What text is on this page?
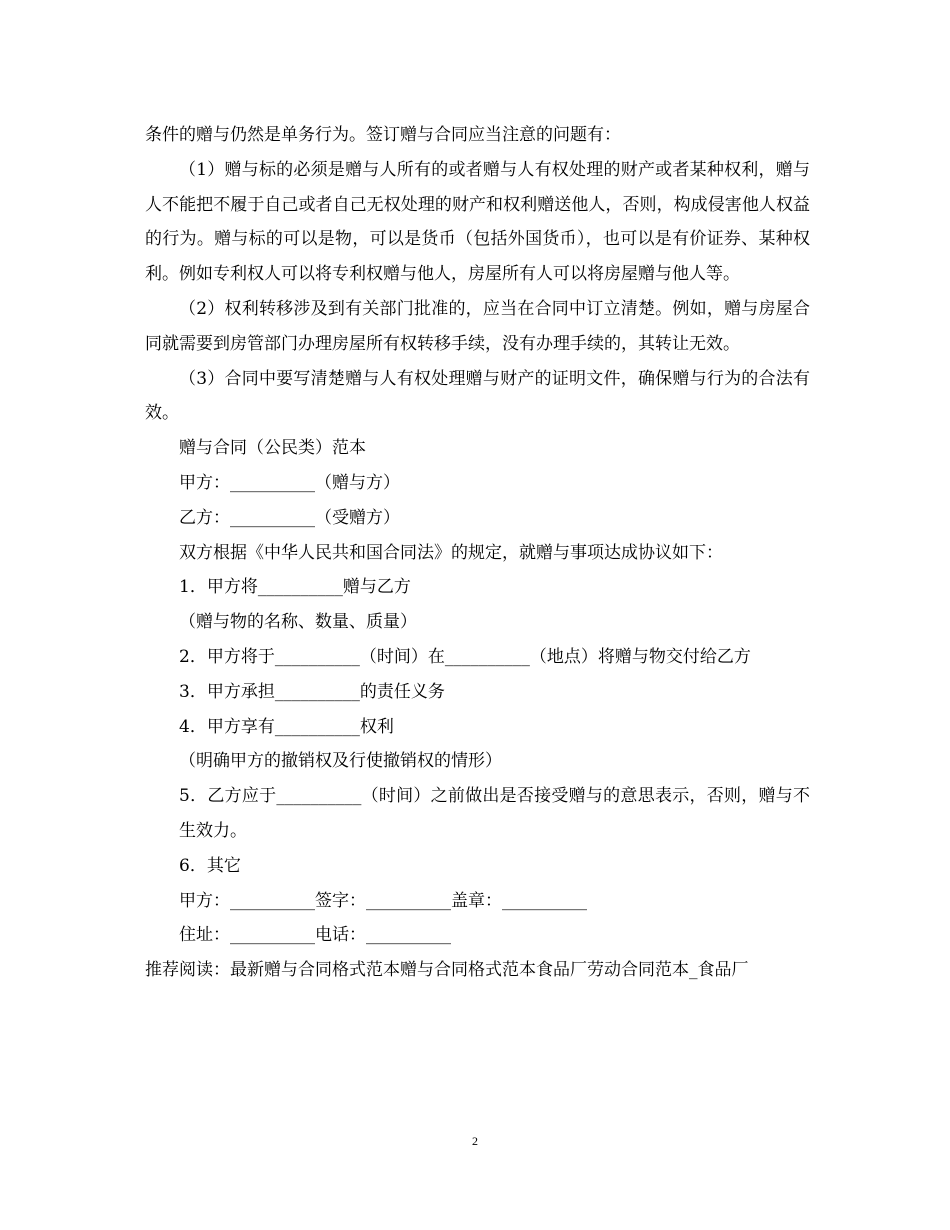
条件的赠与仍然是单务行为。签订赠与合同应当注意的问题有：

（1）赠与标的必须是赠与人所有的或者赠与人有权处理的财产或者某种权利，赠与人不能把不履于自己或者自己无权处理的财产和权利赠送他人，否则，构成侵害他人权益的行为。赠与标的可以是物，可以是货币（包括外国货币），也可以是有价证券、某种权利。例如专利权人可以将专利权赠与他人，房屋所有人可以将房屋赠与他人等。

（2）权利转移涉及到有关部门批准的，应当在合同中订立清楚。例如，赠与房屋合同就需要到房管部门办理房屋所有权转移手续，没有办理手续的，其转让无效。

（3）合同中要写清楚赠与人有权处理赠与财产的证明文件，确保赠与行为的合法有效。

赠与合同（公民类）范本

甲方：__________（赠与方）

乙方：__________（受赠方）

双方根据《中华人民共和国合同法》的规定，就赠与事项达成协议如下：

1．甲方将__________赠与乙方

（赠与物的名称、数量、质量）

2．甲方将于__________（时间）在__________（地点）将赠与物交付给乙方

3．甲方承担__________的责任义务

4．甲方享有__________权利

（明确甲方的撤销权及行使撤销权的情形）

5．乙方应于__________（时间）之前做出是否接受赠与的意思表示，否则，赠与不生效力。

6．其它

甲方：__________签字：__________盖章：__________

住址：__________电话：__________

推荐阅读：最新赠与合同格式范本赠与合同格式范本食品厂劳动合同范本_食品厂

2
